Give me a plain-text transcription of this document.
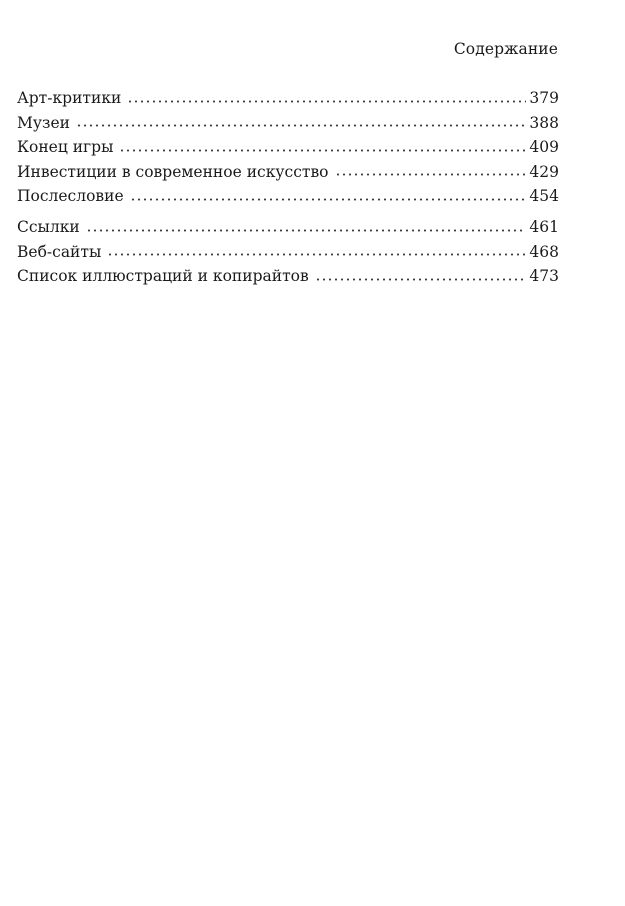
Содержание
Арт-критики	379
Музеи	388
Конец игры	409
Инвестиции в современное искусство	429
Послесловие	454
Ссылки	461
Веб-сайты	468
Список иллюстраций и копирайтов	473
